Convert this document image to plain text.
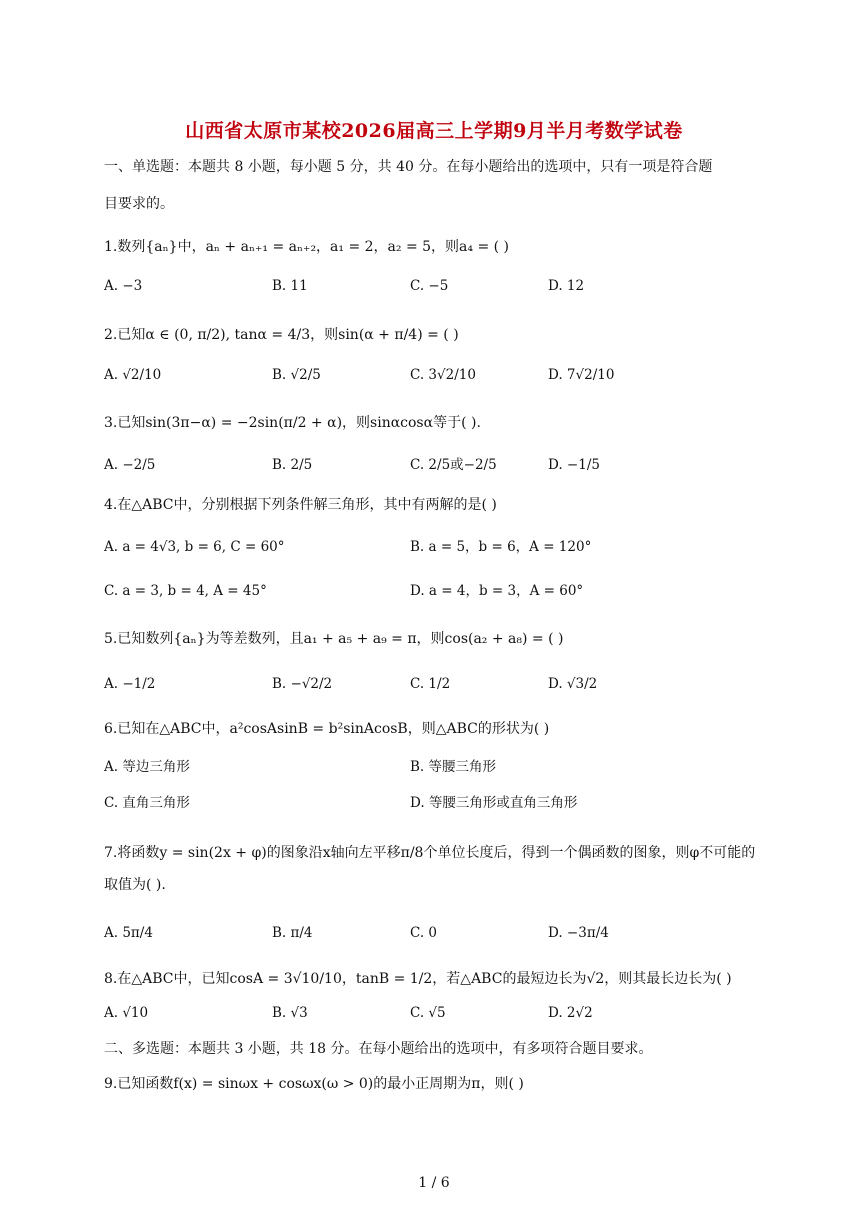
山西省太原市某校2026届高三上学期9月半月考数学试卷
一、单选题：本题共 8 小题，每小题 5 分，共 40 分。在每小题给出的选项中，只有一项是符合题
目要求的。
1.数列{aₙ}中，aₙ + aₙ₊₁ = aₙ₊₂，a₁ = 2，a₂ = 5，则a₄ = ( )
A. −3	B. 11	C. −5	D. 12
2.已知α ∈ (0, π/2), tanα = 4/3，则sin(α + π/4) = ( )
A. √2/10	B. √2/5	C. 3√2/10	D. 7√2/10
3.已知sin(3π−α) = −2sin(π/2 + α)，则sinαcosα等于( ).
A. −2/5	B. 2/5	C. 2/5或−2/5	D. −1/5
4.在△ABC中，分别根据下列条件解三角形，其中有两解的是( )
A. a = 4√3, b = 6, C = 60°	B. a = 5，b = 6，A = 120°
C. a = 3, b = 4, A = 45°	D. a = 4，b = 3，A = 60°
5.已知数列{aₙ}为等差数列，且a₁ + a₅ + a₉ = π，则cos(a₂ + a₈) = ( )
A. −1/2	B. −√2/2	C. 1/2	D. √3/2
6.已知在△ABC中，a²cosAsinB = b²sinAcosB，则△ABC的形状为( )
A. 等边三角形	B. 等腰三角形
C. 直角三角形	D. 等腰三角形或直角三角形
7.将函数y = sin(2x + φ)的图象沿x轴向左平移π/8个单位长度后，得到一个偶函数的图象，则φ不可能的
取值为( ).
A. 5π/4	B. π/4	C. 0	D. −3π/4
8.在△ABC中，已知cosA = 3√10/10，tanB = 1/2，若△ABC的最短边长为√2，则其最长边长为( )
A. √10	B. √3	C. √5	D. 2√2
二、多选题：本题共 3 小题，共 18 分。在每小题给出的选项中，有多项符合题目要求。
9.已知函数f(x) = sinωx + cosωx(ω > 0)的最小正周期为π，则( )
1 / 6
